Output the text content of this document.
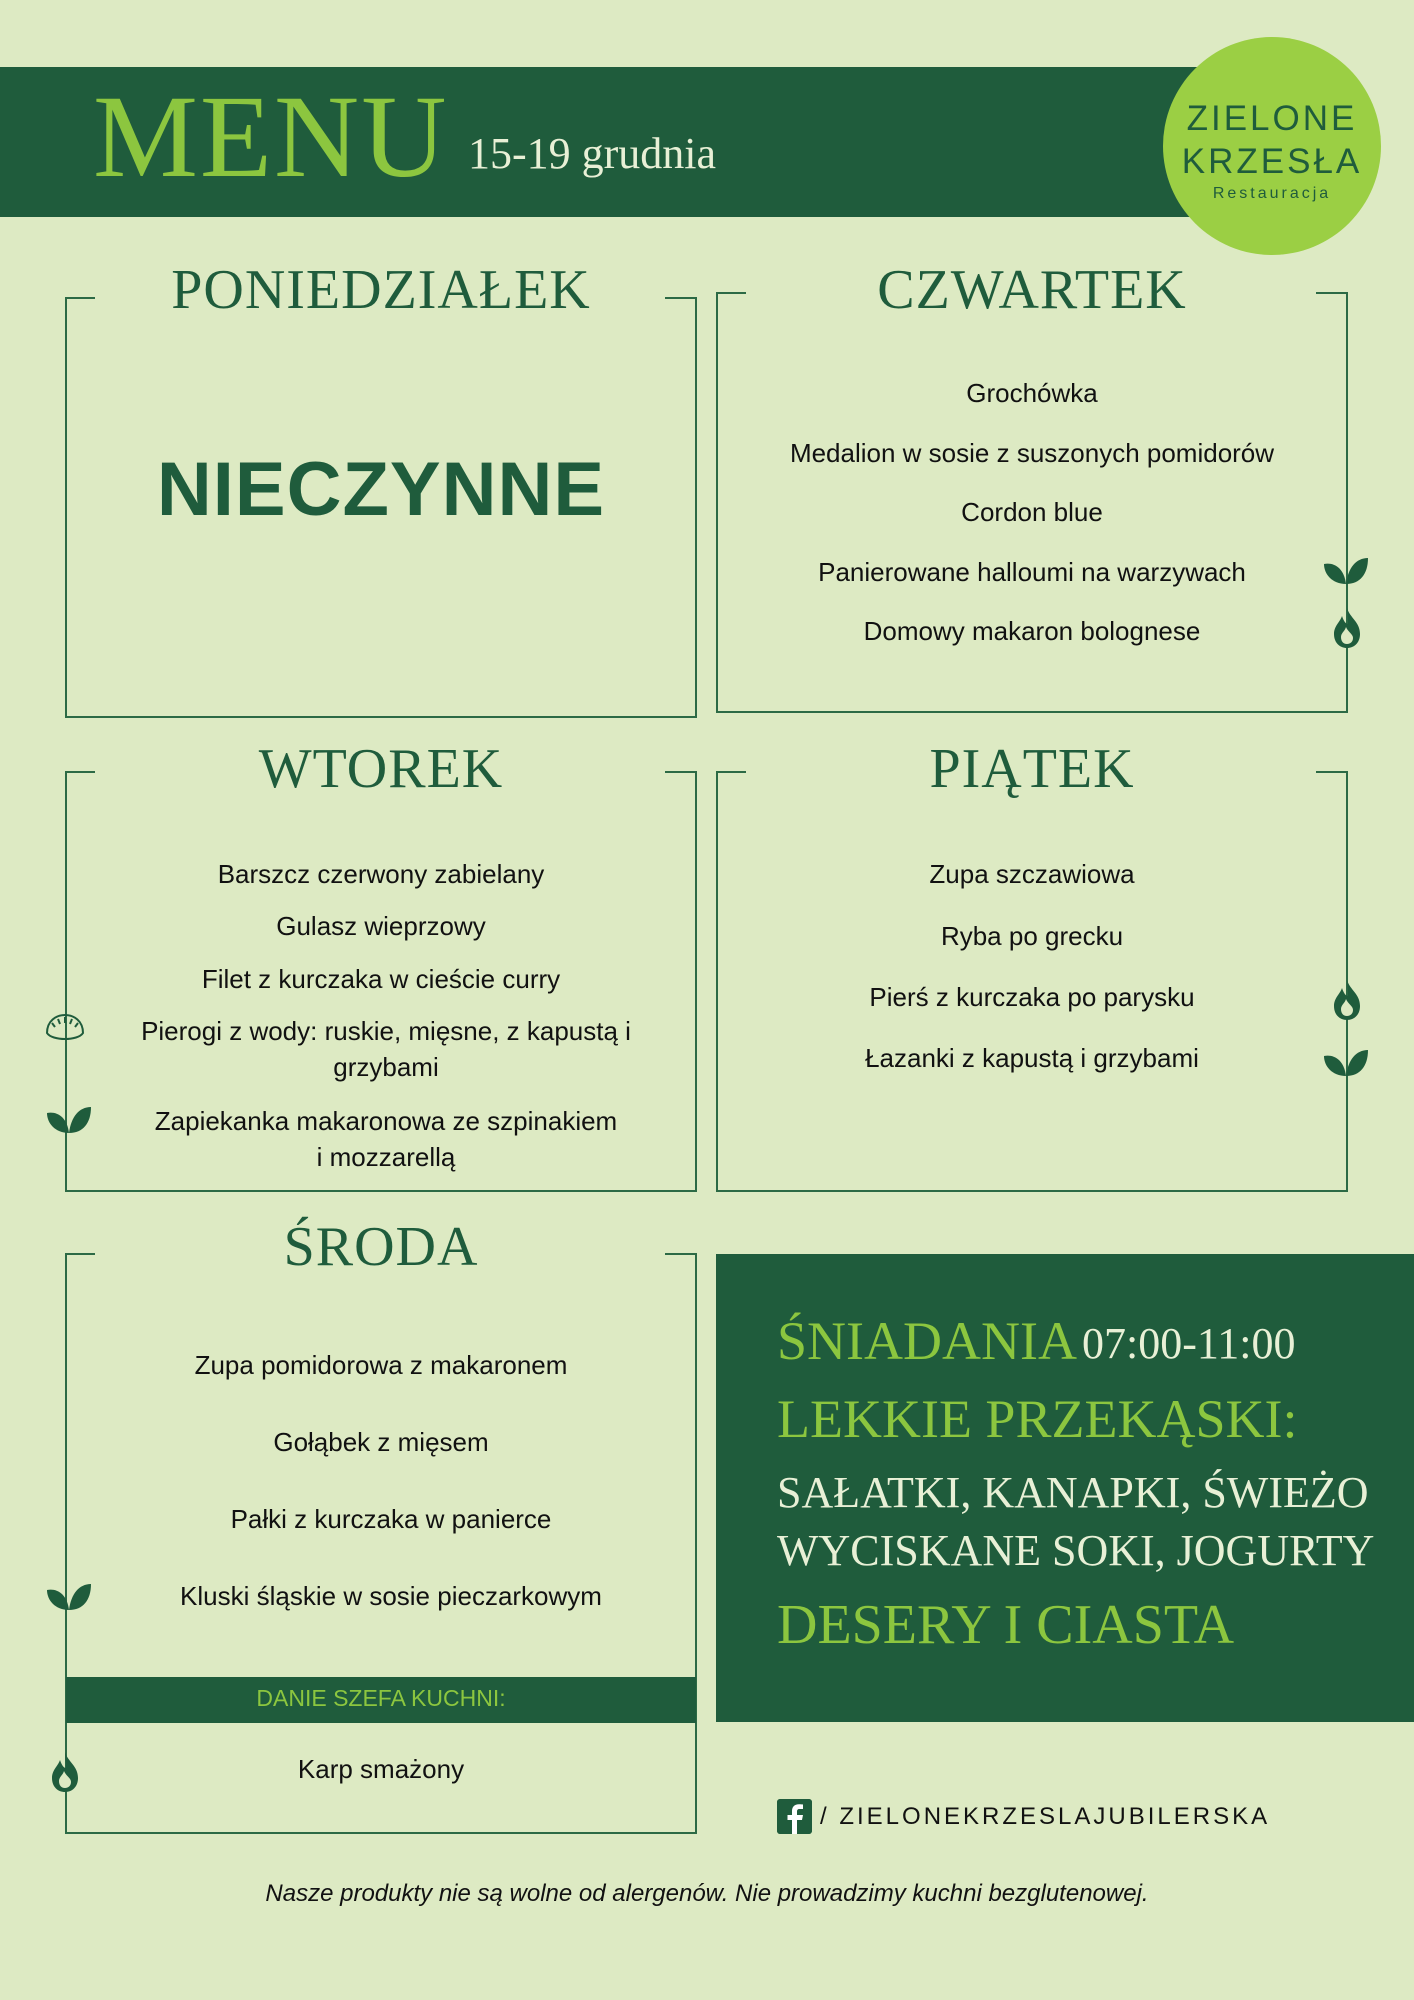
MENU 15-19 grudnia
ZIELONE
KRZESŁA
Restauracja
PONIEDZIAŁEK
NIECZYNNE
CZWARTEK
Grochówka
Medalion w sosie z suszonych pomidorów
Cordon blue
Panierowane halloumi na warzywach
Domowy makaron bolognese
WTOREK
Barszcz czerwony zabielany
Gulasz wieprzowy
Filet z kurczaka w cieście curry
Pierogi z wody: ruskie, mięsne, z kapustą i
grzybami
Zapiekanka makaronowa ze szpinakiem
i mozzarellą
PIĄTEK
Zupa szczawiowa
Ryba po grecku
Pierś z kurczaka po parysku
Łazanki z kapustą i grzybami
ŚRODA
Zupa pomidorowa z makaronem
Gołąbek z mięsem
Pałki z kurczaka w panierce
Kluski śląskie w sosie pieczarkowym
DANIE SZEFA KUCHNI:
Karp smażony
ŚNIADANIA 07:00-11:00
LEKKIE PRZEKĄSKI:
SAŁATKI, KANAPKI, ŚWIEŻO
WYCISKANE SOKI, JOGURTY
DESERY I CIASTA
/ ZIELONEKRZESLAJUBILERSKA
Nasze produkty nie są wolne od alergenów. Nie prowadzimy kuchni bezglutenowej.
